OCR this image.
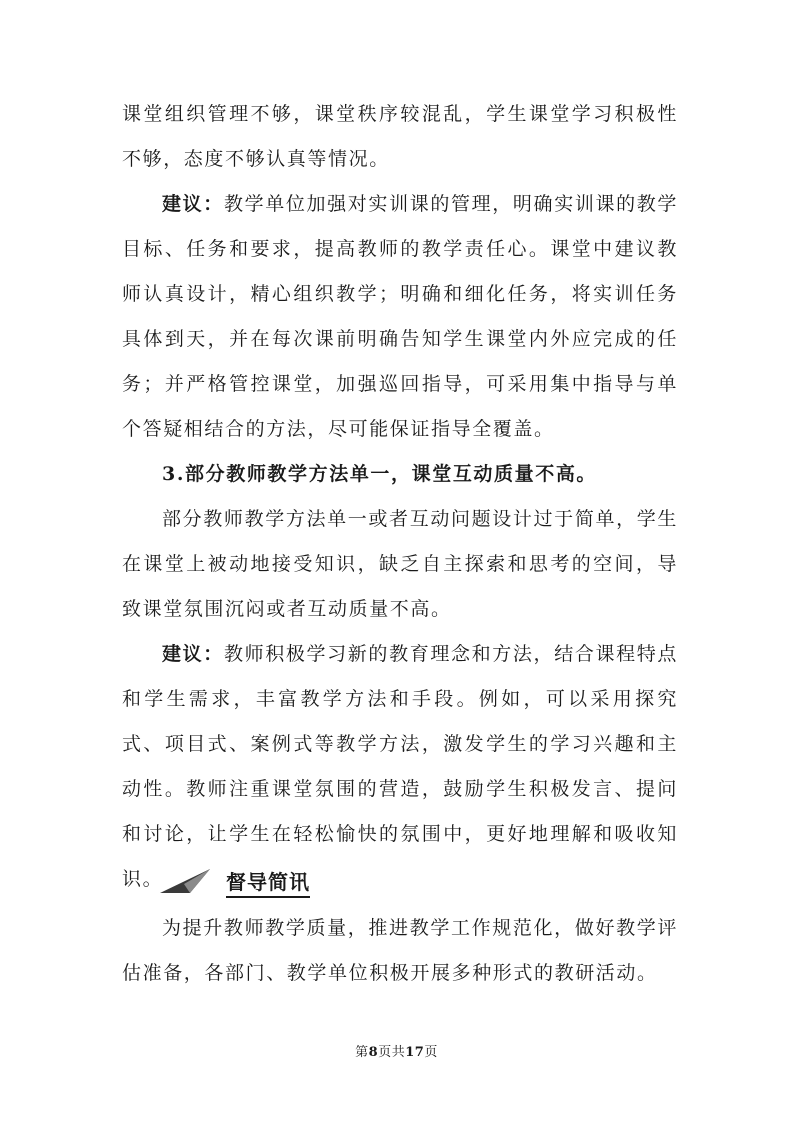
课堂组织管理不够，课堂秩序较混乱，学生课堂学习积极性不够，态度不够认真等情况。

建议：教学单位加强对实训课的管理，明确实训课的教学目标、任务和要求，提高教师的教学责任心。课堂中建议教师认真设计，精心组织教学；明确和细化任务，将实训任务具体到天，并在每次课前明确告知学生课堂内外应完成的任务；并严格管控课堂，加强巡回指导，可采用集中指导与单个答疑相结合的方法，尽可能保证指导全覆盖。

3.部分教师教学方法单一，课堂互动质量不高。

部分教师教学方法单一或者互动问题设计过于简单，学生在课堂上被动地接受知识，缺乏自主探索和思考的空间，导致课堂氛围沉闷或者互动质量不高。

建议：教师积极学习新的教育理念和方法，结合课程特点和学生需求，丰富教学方法和手段。例如，可以采用探究式、项目式、案例式等教学方法，激发学生的学习兴趣和主动性。教师注重课堂氛围的营造，鼓励学生积极发言、提问和讨论，让学生在轻松愉快的氛围中，更好地理解和吸收知识。	督导简讯

为提升教师教学质量，推进教学工作规范化，做好教学评估准备，各部门、教学单位积极开展多种形式的教研活动。

第8页共17页
